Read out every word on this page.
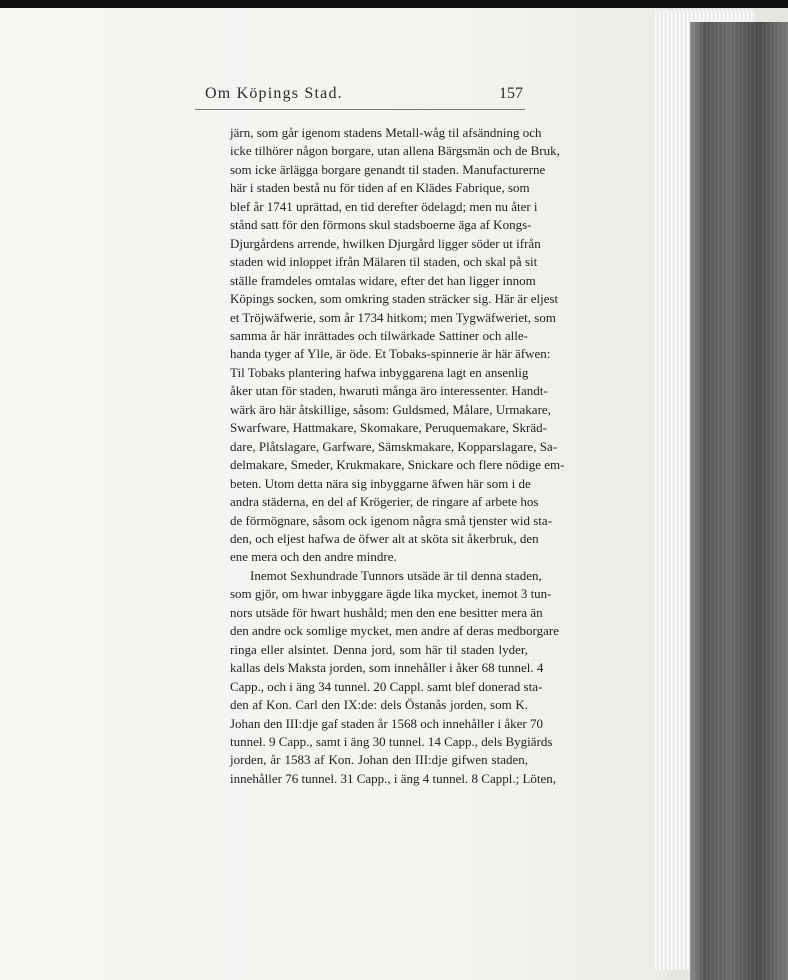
Om Köpings Stad.	157
järn, som går igenom stadens Metall-wåg til afsändning och
icke tilhörer någon borgare, utan allena Bärgsmän och de Bruk,
som icke ärlägga borgare genandt til staden. Manufacturerne
här i staden bestå nu för tiden af en Klädes Fabrique, som
blef år 1741 uprättad, en tid derefter ödelagd; men nu åter i
stånd satt för den förmons skul stadsboerne äga af Kongs-
Djurgårdens arrende, hwilken Djurgård ligger söder ut ifrån
staden wid inloppet ifrån Mälaren til staden, och skal på sit
ställe framdeles omtalas widare, efter det han ligger innom
Köpings socken, som omkring staden sträcker sig. Här är eljest
et Tröjwäfwerie, som år 1734 hitkom; men Tygwäfweriet, som
samma år här inrättades och tilwärkade Sattiner och alle-
handa tyger af Ylle, är öde. Et Tobaks-spinnerie är här äfwen:
Til Tobaks plantering hafwa inbyggarena lagt en ansenlig
åker utan för staden, hwaruti många äro interessenter. Handt-
wärk äro här åtskillige, såsom: Guldsmed, Målare, Urmakare,
Swarfware, Hattmakare, Skomakare, Peruquemakare, Skräd-
dare, Plåtslagare, Garfware, Sämskmakare, Kopparslagare, Sa-
delmakare, Smeder, Krukmakare, Snickare och flere nödige em-
beten. Utom detta nära sig inbyggarne äfwen här som i de
andra städerna, en del af Krögerier, de ringare af arbete hos
de förmögnare, såsom ock igenom några små tjenster wid sta-
den, och eljest hafwa de öfwer alt at sköta sit åkerbruk, den
ene mera och den andre mindre.
Inemot Sexhundrade Tunnors utsäde är til denna staden,
som gjör, om hwar inbyggare ägde lika mycket, inemot 3 tun-
nors utsäde för hwart hushåld; men den ene besitter mera än
den andre ock somlige mycket, men andre af deras medborgare
ringa eller alsintet. Denna jord, som här til staden lyder,
kallas dels Maksta jorden, som innehåller i åker 68 tunnel. 4
Capp., och i äng 34 tunnel. 20 Cappl. samt blef donerad sta-
den af Kon. Carl den IX:de: dels Östanås jorden, som K.
Johan den III:dje gaf staden år 1568 och innehåller i åker 70
tunnel. 9 Capp., samt i äng 30 tunnel. 14 Capp., dels Bygiärds
jorden, år 1583 af Kon. Johan den III:dje gifwen staden,
innehåller 76 tunnel. 31 Capp., i äng 4 tunnel. 8 Cappl.; Löten,
